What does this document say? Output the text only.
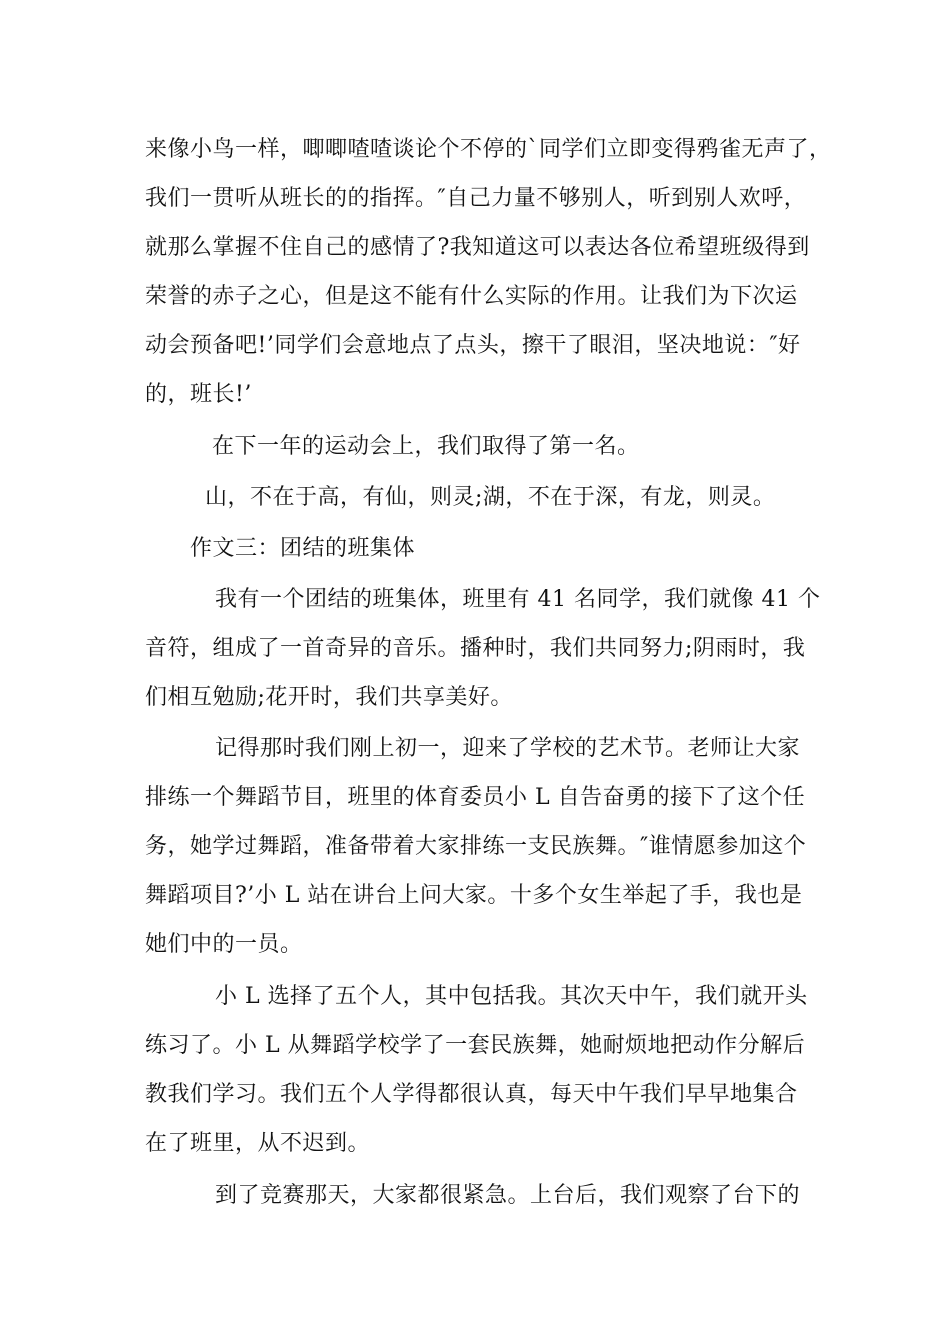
来像小鸟一样，唧唧喳喳谈论个不停的`同学们立即变得鸦雀无声了，
我们一贯听从班长的的指挥。″自己力量不够别人，听到别人欢呼，
就那么掌握不住自己的感情了?我知道这可以表达各位希望班级得到
荣誉的赤子之心，但是这不能有什么实际的作用。让我们为下次运
动会预备吧!’同学们会意地点了点头，擦干了眼泪，坚决地说：″好
的，班长!’
在下一年的运动会上，我们取得了第一名。
山，不在于高，有仙，则灵;湖，不在于深，有龙，则灵。
作文三：团结的班集体
我有一个团结的班集体，班里有 41 名同学，我们就像 41 个
音符，组成了一首奇异的音乐。播种时，我们共同努力;阴雨时，我
们相互勉励;花开时，我们共享美好。
记得那时我们刚上初一，迎来了学校的艺术节。老师让大家
排练一个舞蹈节目，班里的体育委员小 L 自告奋勇的接下了这个任
务，她学过舞蹈，准备带着大家排练一支民族舞。″谁情愿参加这个
舞蹈项目?’小 L 站在讲台上问大家。十多个女生举起了手，我也是
她们中的一员。
小 L 选择了五个人，其中包括我。其次天中午，我们就开头
练习了。小 L 从舞蹈学校学了一套民族舞，她耐烦地把动作分解后
教我们学习。我们五个人学得都很认真，每天中午我们早早地集合
在了班里，从不迟到。
到了竞赛那天，大家都很紧急。上台后，我们观察了台下的
